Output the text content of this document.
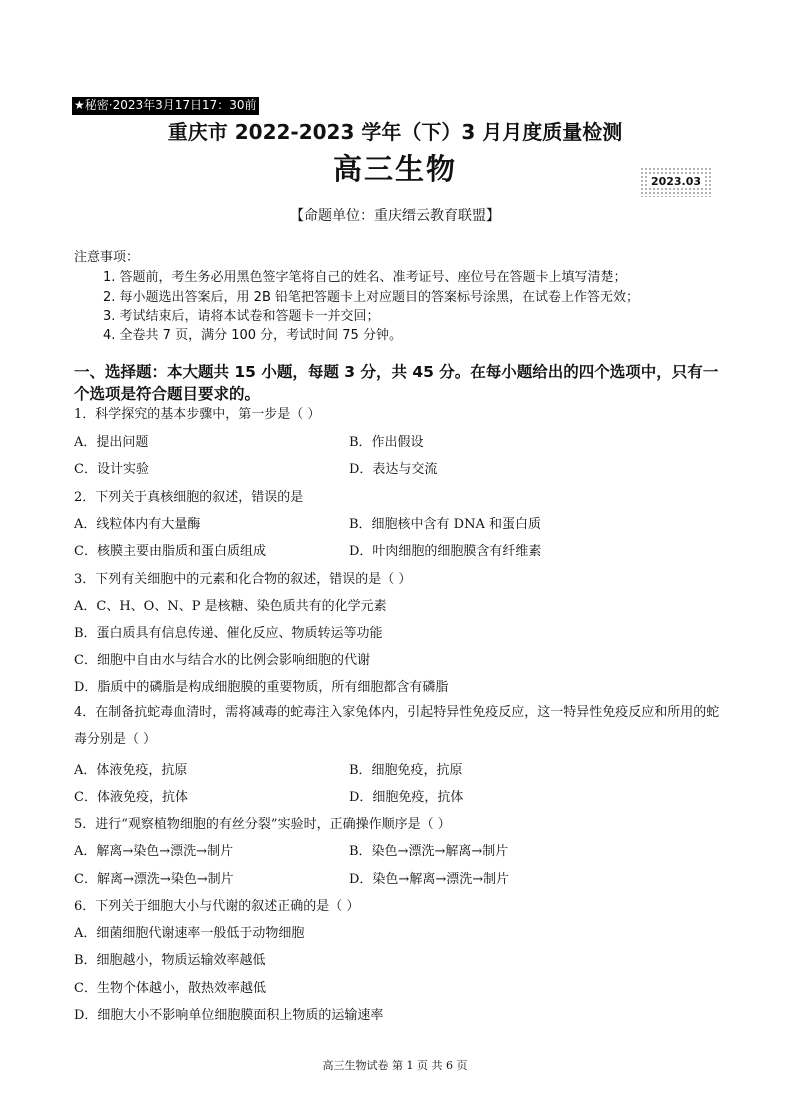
★秘密·2023年3月17日17：30前
重庆市 2022-2023 学年（下）3 月月度质量检测
高三生物	2023.03
【命题单位：重庆缙云教育联盟】
注意事项：
1. 答题前，考生务必用黑色签字笔将自己的姓名、准考证号、座位号在答题卡上填写清楚；
2. 每小题选出答案后，用 2B 铅笔把答题卡上对应题目的答案标号涂黑，在试卷上作答无效；
3. 考试结束后，请将本试卷和答题卡一并交回；
4. 全卷共 7 页，满分 100 分，考试时间 75 分钟。
一、选择题：本大题共 15 小题，每题 3 分，共 45 分。在每小题给出的四个选项中，只有一个选项是符合题目要求的。
1．科学探究的基本步骤中，第一步是（ ）
A．提出问题	B．作出假设
C．设计实验	D．表达与交流
2．下列关于真核细胞的叙述，错误的是
A．线粒体内有大量酶	B．细胞核中含有 DNA 和蛋白质
C．核膜主要由脂质和蛋白质组成	D．叶肉细胞的细胞膜含有纤维素
3．下列有关细胞中的元素和化合物的叙述，错误的是（ ）
A．C、H、O、N、P 是核糖、染色质共有的化学元素
B．蛋白质具有信息传递、催化反应、物质转运等功能
C．细胞中自由水与结合水的比例会影响细胞的代谢
D．脂质中的磷脂是构成细胞膜的重要物质，所有细胞都含有磷脂
4．在制备抗蛇毒血清时，需将减毒的蛇毒注入家兔体内，引起特异性免疫反应，这一特异性免疫反应和所用的蛇毒分别是（ ）
A．体液免疫，抗原	B．细胞免疫，抗原
C．体液免疫，抗体	D．细胞免疫，抗体
5．进行“观察植物细胞的有丝分裂”实验时，正确操作顺序是（ ）
A．解离→染色→漂洗→制片	B．染色→漂洗→解离→制片
C．解离→漂洗→染色→制片	D．染色→解离→漂洗→制片
6．下列关于细胞大小与代谢的叙述正确的是（ ）
A．细菌细胞代谢速率一般低于动物细胞
B．细胞越小，物质运输效率越低
C．生物个体越小，散热效率越低
D．细胞大小不影响单位细胞膜面积上物质的运输速率
高三生物试卷 第 1 页 共 6 页
